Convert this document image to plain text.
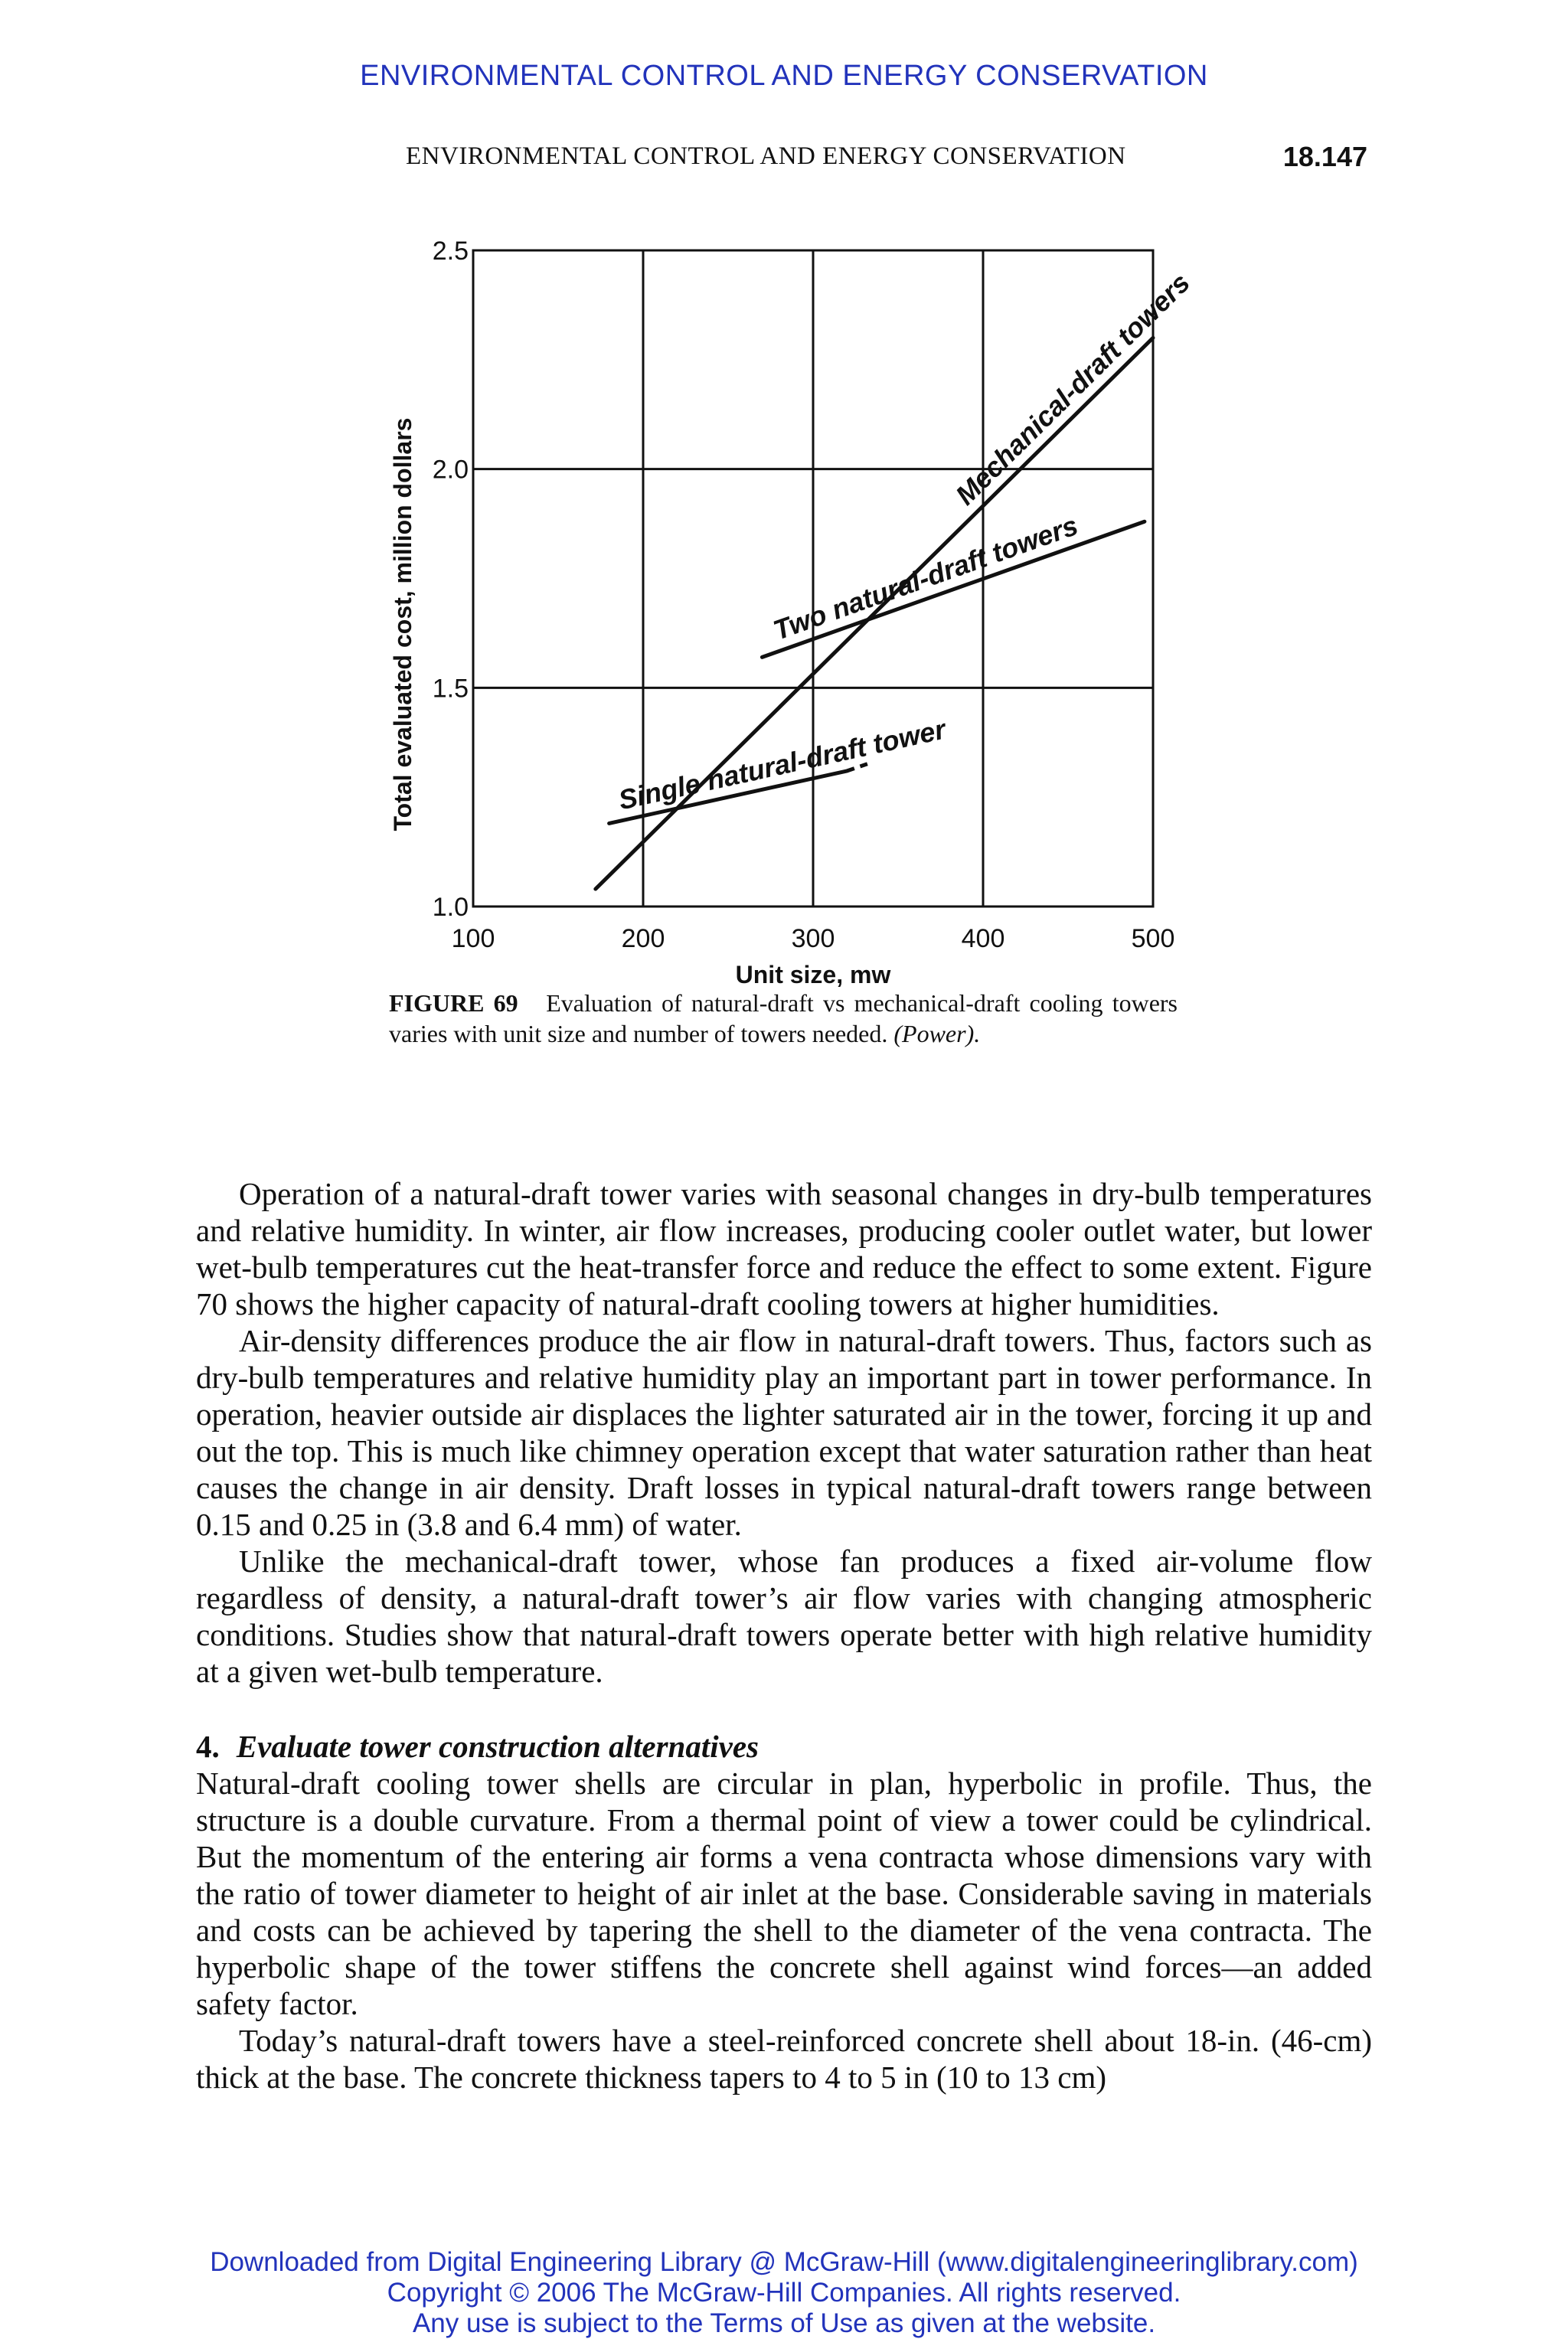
ENVIRONMENTAL CONTROL AND ENERGY CONSERVATION
ENVIRONMENTAL CONTROL AND ENERGY CONSERVATION	18.147
100	200	300	400	500
1.0
1.5
2.0
2.5
Unit size, mw
Total evaluated cost, million dollars	Single natural-draft tower
Two natural-draft towers
Mechanical-draft towers
FIGURE 69 Evaluation of natural-draft vs mechanical-draft cooling towers varies with unit size and number of towers needed. (Power).

Operation of a natural-draft tower varies with seasonal changes in dry-bulb temperatures and relative humidity. In winter, air flow increases, producing cooler outlet water, but lower wet-bulb temperatures cut the heat-transfer force and reduce the effect to some extent. Figure 70 shows the higher capacity of natural-draft cooling towers at higher humidities.

Air-density differences produce the air flow in natural-draft towers. Thus, factors such as dry-bulb temperatures and relative humidity play an important part in tower performance. In operation, heavier outside air displaces the lighter saturated air in the tower, forcing it up and out the top. This is much like chimney operation except that water saturation rather than heat causes the change in air density. Draft losses in typical natural-draft towers range between 0.15 and 0.25 in (3.8 and 6.4 mm) of water.

Unlike the mechanical-draft tower, whose fan produces a fixed air-volume flow regardless of density, a natural-draft tower’s air flow varies with changing atmospheric conditions. Studies show that natural-draft towers operate better with high relative humidity at a given wet-bulb temperature.

4. Evaluate tower construction alternatives

Natural-draft cooling tower shells are circular in plan, hyperbolic in profile. Thus, the structure is a double curvature. From a thermal point of view a tower could be cylindrical. But the momentum of the entering air forms a vena contracta whose dimensions vary with the ratio of tower diameter to height of air inlet at the base. Considerable saving in materials and costs can be achieved by tapering the shell to the diameter of the vena contracta. The hyperbolic shape of the tower stiffens the concrete shell against wind forces—an added safety factor.

Today’s natural-draft towers have a steel-reinforced concrete shell about 18-in. (46-cm) thick at the base. The concrete thickness tapers to 4 to 5 in (10 to 13 cm)

Downloaded from Digital Engineering Library @ McGraw-Hill (www.digitalengineeringlibrary.com)
Copyright © 2006 The McGraw-Hill Companies. All rights reserved.
Any use is subject to the Terms of Use as given at the website.
